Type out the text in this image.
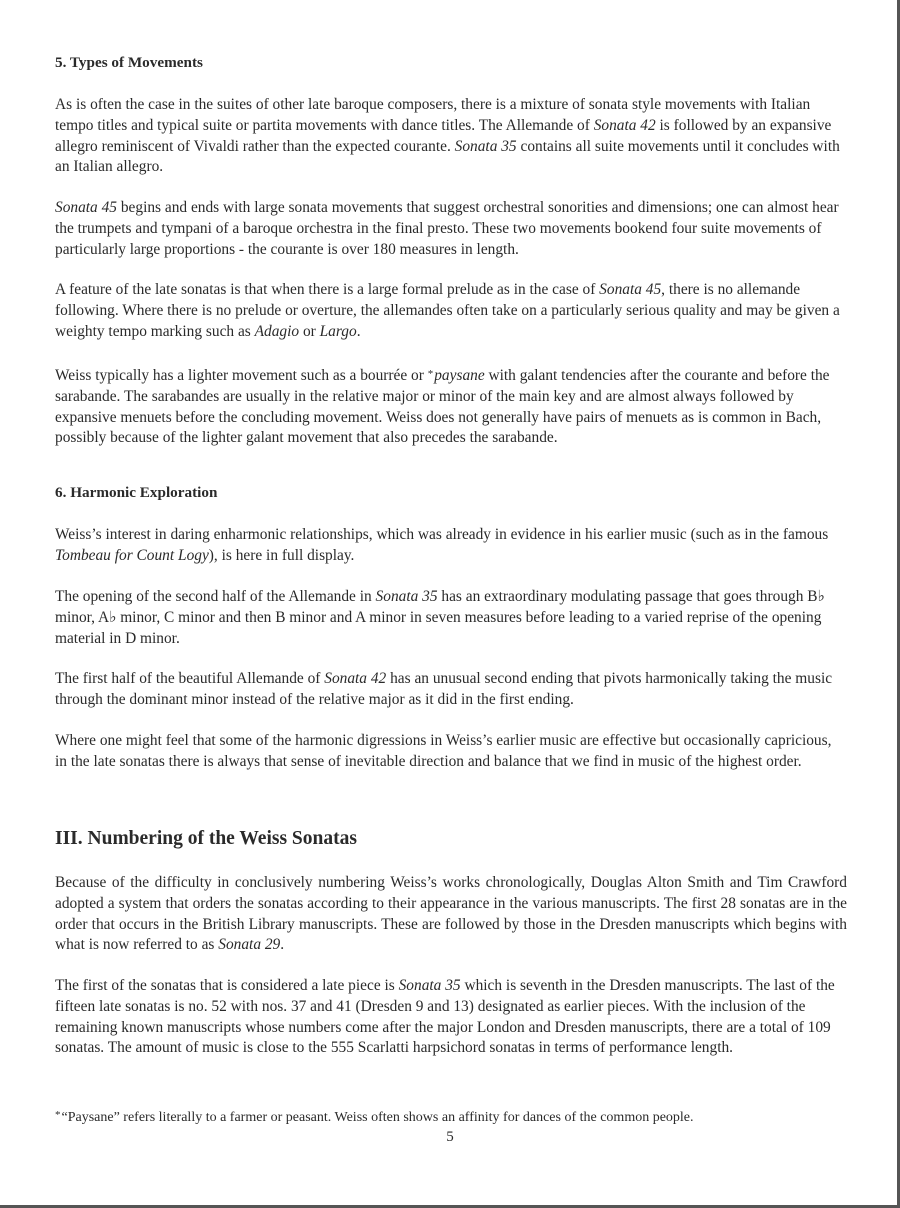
5. Types of Movements

As is often the case in the suites of other late baroque composers, there is a mixture of sonata style movements with Italian tempo titles and typical suite or partita movements with dance titles. The Allemande of Sonata 42 is followed by an expansive allegro reminiscent of Vivaldi rather than the expected courante. Sonata 35 contains all suite movements until it concludes with an Italian allegro.

Sonata 45 begins and ends with large sonata movements that suggest orchestral sonorities and dimensions; one can almost hear the trumpets and tympani of a baroque orchestra in the final presto. These two movements bookend four suite movements of particularly large proportions - the courante is over 180 measures in length.

A feature of the late sonatas is that when there is a large formal prelude as in the case of Sonata 45, there is no allemande following. Where there is no prelude or overture, the allemandes often take on a particularly serious quality and may be given a weighty tempo marking such as Adagio or Largo.

Weiss typically has a lighter movement such as a bourrée or *paysane with galant tendencies after the courante and before the sarabande. The sarabandes are usually in the relative major or minor of the main key and are almost always followed by expansive menuets before the concluding movement. Weiss does not generally have pairs of menuets as is common in Bach, possibly because of the lighter galant movement that also precedes the sarabande.

6. Harmonic Exploration

Weiss’s interest in daring enharmonic relationships, which was already in evidence in his earlier music (such as in the famous Tombeau for Count Logy), is here in full display.

The opening of the second half of the Allemande in Sonata 35 has an extraordinary modulating passage that goes through B♭ minor, A♭ minor, C minor and then B minor and A minor in seven measures before leading to a varied reprise of the opening material in D minor.

The first half of the beautiful Allemande of Sonata 42 has an unusual second ending that pivots harmonically taking the music through the dominant minor instead of the relative major as it did in the first ending.

Where one might feel that some of the harmonic digressions in Weiss’s earlier music are effective but occasionally capricious, in the late sonatas there is always that sense of inevitable direction and balance that we find in music of the highest order.

III. Numbering of the Weiss Sonatas

Because of the difficulty in conclusively numbering Weiss’s works chronologically, Douglas Alton Smith and Tim Crawford adopted a system that orders the sonatas according to their appearance in the various manuscripts. The first 28 sonatas are in the order that occurs in the British Library manuscripts. These are followed by those in the Dresden manuscripts which begins with what is now referred to as Sonata 29.

The first of the sonatas that is considered a late piece is Sonata 35 which is seventh in the Dresden manuscripts. The last of the fifteen late sonatas is no. 52 with nos. 37 and 41 (Dresden 9 and 13) designated as earlier pieces. With the inclusion of the remaining known manuscripts whose numbers come after the major London and Dresden manuscripts, there are a total of 109 sonatas. The amount of music is close to the 555 Scarlatti harpsichord sonatas in terms of performance length.

*“Paysane” refers literally to a farmer or peasant. Weiss often shows an affinity for dances of the common people.
5
